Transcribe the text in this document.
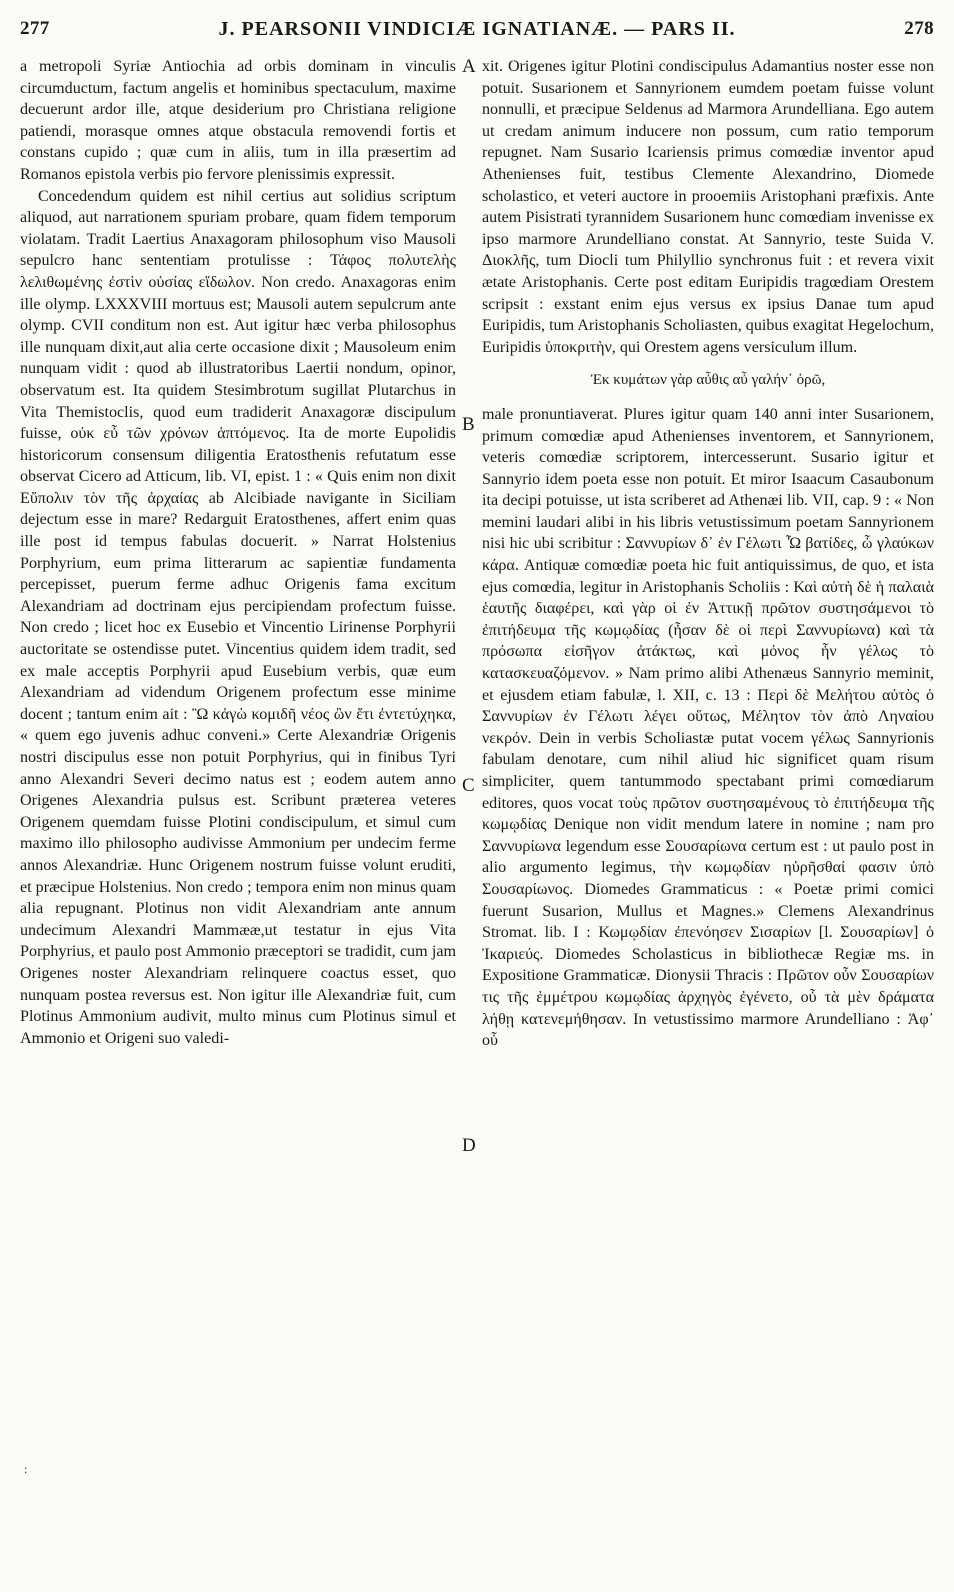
277	J. PEARSONII VINDICIÆ IGNATIANÆ. — PARS II.	278
A
B
C
D

a metropoli Syriæ Antiochia ad orbis dominam in vinculis circumductum, factum angelis et hominibus spectaculum, maxime decuerunt ardor ille, atque desiderium pro Christiana religione patiendi, morasque omnes atque obstacula removendi fortis et constans cupido ; quæ cum in aliis, tum in illa præsertim ad Romanos epistola verbis pio fervore plenissimis expressit.

Concedendum quidem est nihil certius aut solidius scriptum aliquod, aut narrationem spuriam probare, quam fidem temporum violatam. Tradit Laertius Anaxagoram philosophum viso Mausoli sepulcro hanc sententiam protulisse : Τάφος πολυτελὴς λελιθωμένης ἐστὶν οὐσίας εἴδωλον. Non credo. Anaxagoras enim ille olymp. LXXXVIII mortuus est; Mausoli autem sepulcrum ante olymp. CVII conditum non est. Aut igitur hæc verba philosophus ille nunquam dixit,aut alia certe occasione dixit ; Mausoleum enim nunquam vidit : quod ab illustratoribus Laertii nondum, opinor, observatum est. Ita quidem Stesimbrotum sugillat Plutarchus in Vita Themistoclis, quod eum tradiderit Anaxagoræ discipulum fuisse, οὐκ εὖ τῶν χρόνων ἁπτόμενος. Ita de morte Eupolidis historicorum consensum diligentia Eratosthenis refutatum esse observat Cicero ad Atticum, lib. VI, epist. 1 : « Quis enim non dixit Εὔπολιν τὸν τῆς ἀρχαίας ab Alcibiade navigante in Siciliam dejectum esse in mare? Redarguit Eratosthenes, affert enim quas ille post id tempus fabulas docuerit. » Narrat Holstenius Porphyrium, eum prima litterarum ac sapientiæ fundamenta percepisset, puerum ferme adhuc Origenis fama excitum Alexandriam ad doctrinam ejus percipiendam profectum fuisse. Non credo ; licet hoc ex Eusebio et Vincentio Lirinense Porphyrii auctoritate se ostendisse putet. Vincentius quidem idem tradit, sed ex male acceptis Porphyrii apud Eusebium verbis, quæ eum Alexandriam ad videndum Origenem profectum esse minime docent ; tantum enim ait : Ὢ κἀγὼ κομιδῆ νέος ὢν ἔτι ἐντετύχηκα, « quem ego juvenis adhuc conveni.» Certe Alexandriæ Origenis nostri discipulus esse non potuit Porphyrius, qui in finibus Tyri anno Alexandri Severi decimo natus est ; eodem autem anno Origenes Alexandria pulsus est. Scribunt præterea veteres Origenem quemdam fuisse Plotini condiscipulum, et simul cum maximo illo philosopho audivisse Ammonium per undecim ferme annos Alexandriæ. Hunc Origenem nostrum fuisse volunt eruditi, et præcipue Holstenius. Non credo ; tempora enim non minus quam alia repugnant. Plotinus non vidit Alexandriam ante annum undecimum Alexandri Mammææ,ut testatur in ejus Vita Porphyrius, et paulo post Ammonio præceptori se tradidit, cum jam Origenes noster Alexandriam relinquere coactus esset, quo nunquam postea reversus est. Non igitur ille Alexandriæ fuit, cum Plotinus Ammonium audivit, multo minus cum Plotinus simul et Ammonio et Origeni suo valedi-

xit. Origenes igitur Plotini condiscipulus Adamantius noster esse non potuit. Susarionem et Sannyrionem eumdem poetam fuisse volunt nonnulli, et præcipue Seldenus ad Marmora Arundelliana. Ego autem ut credam animum inducere non possum, cum ratio temporum repugnet. Nam Susario Icariensis primus comœdiæ inventor apud Athenienses fuit, testibus Clemente Alexandrino, Diomede scholastico, et veteri auctore in prooemiis Aristophani præfixis. Ante autem Pisistrati tyrannidem Susarionem hunc comœdiam invenisse ex ipso marmore Arundelliano constat. At Sannyrio, teste Suida V. Διοκλῆς, tum Diocli tum Philyllio synchronus fuit : et revera vixit ætate Aristophanis. Certe post editam Euripidis tragœdiam Orestem scripsit : exstant enim ejus versus ex ipsius Danae tum apud Euripidis, tum Aristophanis Scholiasten, quibus exagitat Hegelochum, Euripidis ὑποκριτὴν, qui Orestem agens versiculum illum.

Ἐκ κυμάτων γὰρ αὖθις αὖ γαλήν᾽ ὁρῶ,

male pronuntiaverat. Plures igitur quam 140 anni inter Susarionem, primum comœdiæ apud Athenienses inventorem, et Sannyrionem, veteris comœdiæ scriptorem, intercesserunt. Susario igitur et Sannyrio idem poeta esse non potuit. Et miror Isaacum Casaubonum ita decipi potuisse, ut ista scriberet ad Athenæi lib. VII, cap. 9 : « Non memini laudari alibi in his libris vetustissimum poetam Sannyrionem nisi hic ubi scribitur : Σαννυρίων δ᾽ ἐν Γέλωτι Ὦ βατίδες, ὦ γλαύκων κάρα. Antiquæ comœdiæ poeta hic fuit antiquissimus, de quo, et ista ejus comœdia, legitur in Aristophanis Scholiis : Καὶ αὐτὴ δὲ ἡ παλαιὰ ἑαυτῆς διαφέρει, καὶ γὰρ οἱ ἐν Ἀττικῇ πρῶτον συστησάμενοι τὸ ἐπιτήδευμα τῆς κωμῳδίας (ἦσαν δὲ οἱ περὶ Σαννυρίωνα) καὶ τὰ πρόσωπα εἰσῆγον ἀτάκτως, καὶ μόνος ἦν γέλως τὸ κατασκευαζόμενον. » Nam primo alibi Athenæus Sannyrio meminit, et ejusdem etiam fabulæ, l. XII, c. 13 : Περὶ δὲ Μελήτου αὐτὸς ὁ Σαννυρίων ἐν Γέλωτι λέγει οὕτως, Μέλητον τὸν ἀπὸ Ληναίου νεκρόν. Dein in verbis Scholiastæ putat vocem γέλως Sannyrionis fabulam denotare, cum nihil aliud hic significet quam risum simpliciter, quem tantummodo spectabant primi comœdiarum editores, quos vocat τοὺς πρῶτον συστησαμένους τὸ ἐπιτήδευμα τῆς κωμῳδίας Denique non vidit mendum latere in nomine ; nam pro Σαννυρίωνα legendum esse Σουσαρίωνα certum est : ut paulo post in alio argumento legimus, τὴν κωμῳδίαν ηὑρῆσθαί φασιν ὑπὸ Σουσαρίωνος. Diomedes Grammaticus : « Poetæ primi comici fuerunt Susarion, Mullus et Magnes.» Clemens Alexandrinus Stromat. lib. I : Κωμῳδίαν ἐπενόησεν Σισαρίων [l. Σουσαρίων] ὁ Ἰκαριεύς. Diomedes Scholasticus in bibliothecæ Regiæ ms. in Expositione Grammaticæ. Dionysii Thracis : Πρῶτον οὖν Σουσαρίων τις τῆς ἐμμέτρου κωμῳδίας ἀρχηγὸς ἐγένετο, οὗ τὰ μὲν δράματα λήθῃ κατενεμήθησαν. In vetustissimo marmore Arundelliano : Ἀφ᾽ οὗ

:
